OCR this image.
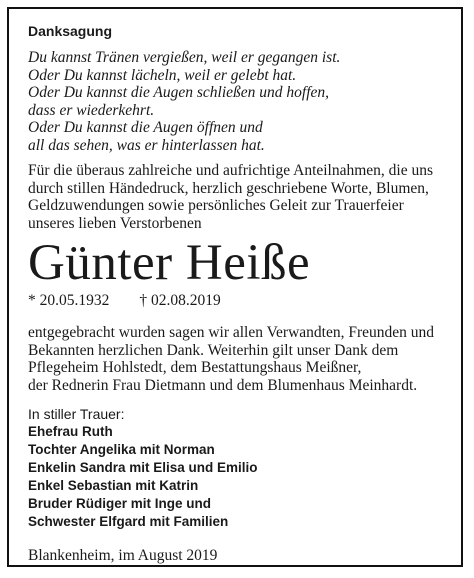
Danksagung
Du kannst Tränen vergießen, weil er gegangen ist.
Oder Du kannst lächeln, weil er gelebt hat.
Oder Du kannst die Augen schließen und hoffen,
dass er wiederkehrt.
Oder Du kannst die Augen öffnen und
all das sehen, was er hinterlassen hat.
Für die überaus zahlreiche und aufrichtige Anteilnahmen, die uns
durch stillen Händedruck, herzlich geschriebene Worte, Blumen,
Geldzuwendungen sowie persönliches Geleit zur Trauerfeier
unseres lieben Verstorbenen
Günter Heiße
* 20.05.1932 † 02.08.2019
entgegebracht wurden sagen wir allen Verwandten, Freunden und
Bekannten herzlichen Dank. Weiterhin gilt unser Dank dem
Pflegeheim Hohlstedt, dem Bestattungshaus Meißner,
der Rednerin Frau Dietmann und dem Blumenhaus Meinhardt.
In stiller Trauer:
Ehefrau Ruth
Tochter Angelika mit Norman
Enkelin Sandra mit Elisa und Emilio
Enkel Sebastian mit Katrin
Bruder Rüdiger mit Inge und
Schwester Elfgard mit Familien
Blankenheim, im August 2019
